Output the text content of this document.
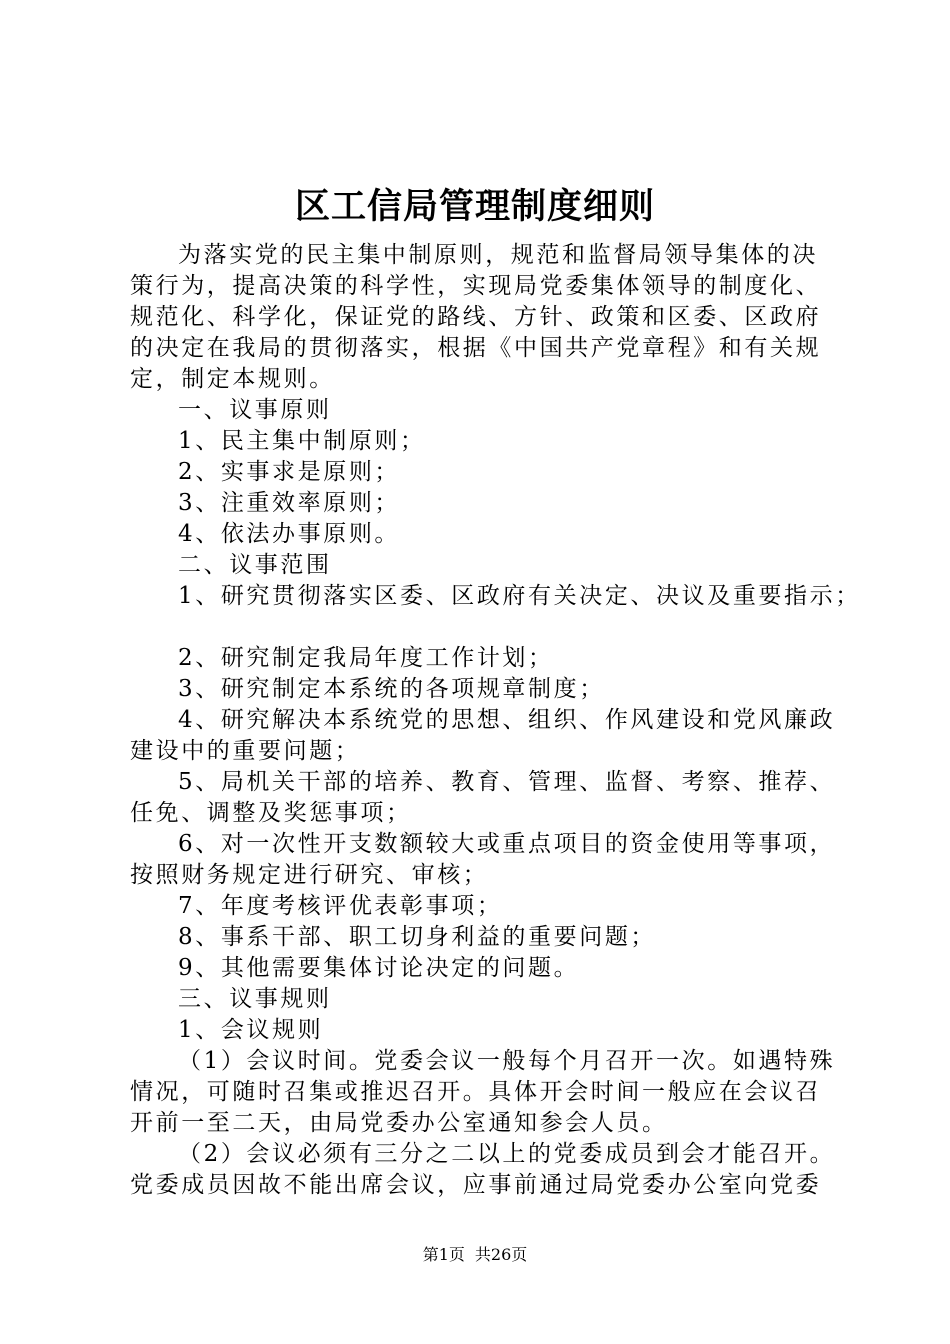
区工信局管理制度细则

为落实党的民主集中制原则，规范和监督局领导集体的决

策行为，提高决策的科学性，实现局党委集体领导的制度化、

规范化、科学化，保证党的路线、方针、政策和区委、区政府

的决定在我局的贯彻落实，根据《中国共产党章程》和有关规

定，制定本规则。

一、议事原则

1、民主集中制原则；

2、实事求是原则；

3、注重效率原则；

4、依法办事原则。

二、议事范围

1、研究贯彻落实区委、区政府有关决定、决议及重要指示；

2、研究制定我局年度工作计划；

3、研究制定本系统的各项规章制度；

4、研究解决本系统党的思想、组织、作风建设和党风廉政

建设中的重要问题；

5、局机关干部的培养、教育、管理、监督、考察、推荐、

任免、调整及奖惩事项；

6、对一次性开支数额较大或重点项目的资金使用等事项，

按照财务规定进行研究、审核；

7、年度考核评优表彰事项；

8、事系干部、职工切身利益的重要问题；

9、其他需要集体讨论决定的问题。

三、议事规则

1、会议规则

（1）会议时间。党委会议一般每个月召开一次。如遇特殊

情况，可随时召集或推迟召开。具体开会时间一般应在会议召

开前一至二天，由局党委办公室通知参会人员。

（2）会议必须有三分之二以上的党委成员到会才能召开。

党委成员因故不能出席会议，应事前通过局党委办公室向党委

第1页 共26页
